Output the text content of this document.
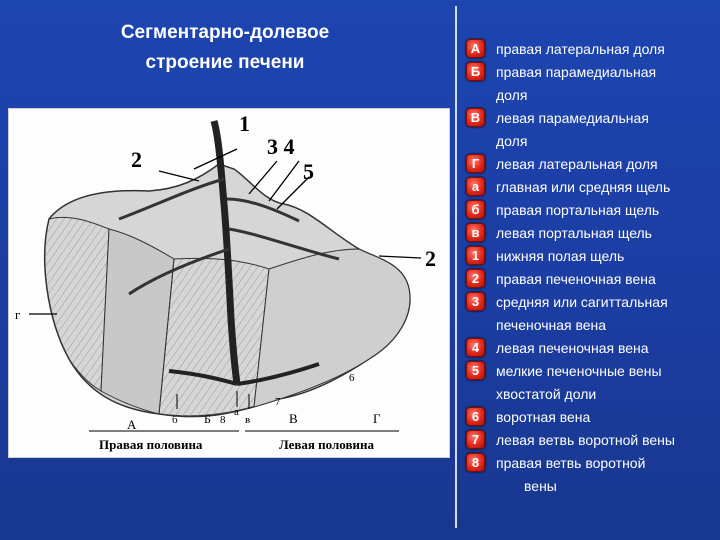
Сегментарно-долевое
строение печени
1
2
3 4
5
2
г
6
7
А	б Б 8
а
в	В	Г
Правая половина	Левая половина
А	правая латеральная доля
Б	правая парамедиальная
доля
В	левая парамедиальная
доля
Г	левая латеральная доля
а	главная или средняя щель
б	правая портальная щель
в	левая портальная щель
1	нижняя полая щель
2	правая печеночная вена
3	средняя или сагиттальная
печеночная вена
4	левая печеночная вена
5	мелкие печеночные вены
хвостатой доли
6	воротная вена
7	левая ветвь воротной вены
8	правая ветвь воротной
вены
